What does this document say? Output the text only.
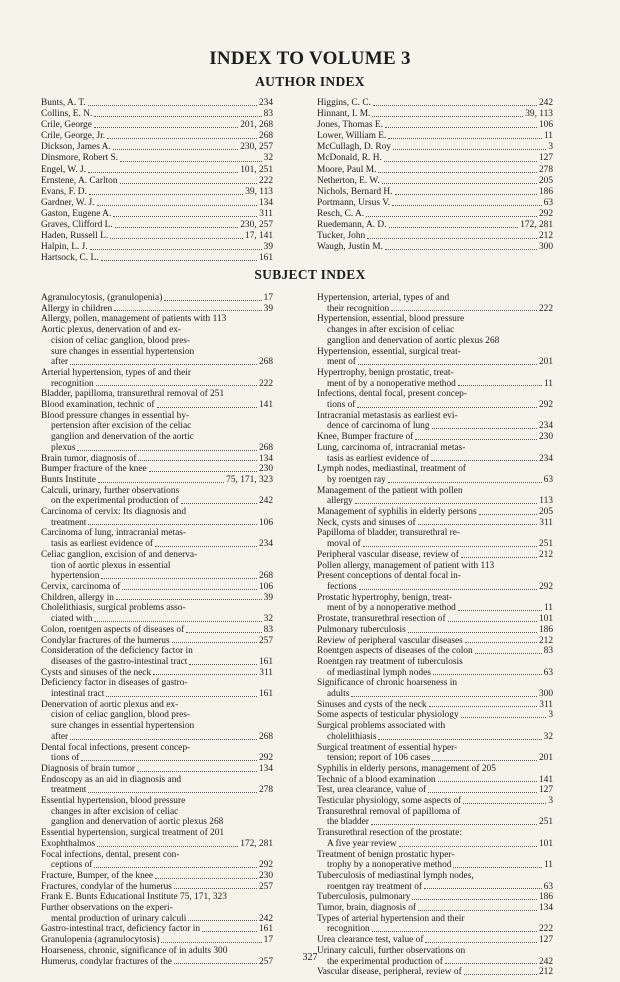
INDEX TO VOLUME 3
AUTHOR INDEX
Bunts, A. T.	234
Collins, E. N.	83
Crile, George	201, 268
Crile, George, Jr.	268
Dickson, James A.	230, 257
Dinsmore, Robert S.	32
Engel, W. J.	101, 251
Ernstene, A. Carlton	222
Evans, F. D.	39, 113
Gardner, W. J.	134
Gaston, Eugene A.	311
Graves, Clifford L.	230, 257
Haden, Russell L.	17, 141
Halpin, L. J.	39
Hartsock, C. L.	161
Higgins, C. C.	242
Hinnant, I. M.	39, 113
Jones, Thomas E.	106
Lower, William E.	11
McCullagh, D. Roy	3
McDonald, R. H.	127
Moore, Paul M.	278
Netherton, E. W.	205
Nichols, Bernard H.	186
Portmann, Ursus V.	63
Resch, C. A.	292
Ruedemann, A. D.	172, 281
Tucker, John	212
Waugh, Justin M.	300
SUBJECT INDEX
Agranulocytosis, (granulopenia)	17
Allergy in children	39
Allergy, pollen, management of patients with 113
Aortic plexus, denervation of and ex-
cision of celiac ganglion, blood pres-
sure changes in essential hypertension
after	268
Arterial hypertension, types of and their
recognition	222
Bladder, papilloma, transurethral removal of 251
Blood examination, technic of	141
Blood pressure changes in essential hy-
pertension after excision of the celiac
ganglion and denervation of the aortic
plexus	268
Brain tumor, diagnosis of	134
Bumper fracture of the knee	230
Bunts Institute	75, 171, 323
Calculi, urinary, further observations
on the experimental production of	242
Carcinoma of cervix: Its diagnosis and
treatment	106
Carcinoma of lung, intracranial metas-
tasis as earliest evidence of	234
Celiac ganglion, excision of and denerva-
tion of aortic plexus in essential
hypertension	268
Cervix, carcinoma of	106
Children, allergy in	39
Cholelithiasis, surgical problems asso-
ciated with	32
Colon, roentgen aspects of diseases of	83
Condylar fractures of the humerus	257
Consideration of the deficiency factor in
diseases of the gastro-intestinal tract	161
Cysts and sinuses of the neck	311
Deficiency factor in diseases of gastro-
intestinal tract	161
Denervation of aortic plexus and ex-
cision of celiac ganglion, blood pres-
sure changes in essential hypertension
after	268
Dental focal infections, present concep-
tions of	292
Diagnosis of brain tumor	134
Endoscopy as an aid in diagnosis and
treatment	278
Essential hypertension, blood pressure
changes in after excision of celiac
ganglion and denervation of aortic plexus 268
Essential hypertension, surgical treatment of 201
Exophthalmos	172, 281
Focal infections, dental, present con-
ceptions of	292
Fracture, Bumper, of the knee	230
Fractures, condylar of the humerus	257
Frank E. Bunts Educational Institute 75, 171, 323
Further observations on the experi-
mental production of urinary calculi	242
Gastro-intestinal tract, deficiency factor in	161
Granulopenia (agranulocytosis)	17
Hoarseness, chronic, significance of in adults 300
Humerus, condylar fractures of the	257
Hypertension, arterial, types of and
their recognition	222
Hypertension, essential, blood pressure
changes in after excision of celiac
ganglion and denervation of aortic plexus 268
Hypertension, essential, surgical treat-
ment of	201
Hypertrophy, benign prostatic, treat-
ment of by a nonoperative method	11
Infections, dental focal, present concep-
tions of	292
Intracranial metastasis as earliest evi-
dence of carcinoma of lung	234
Knee, Bumper fracture of	230
Lung, carcinoma of, intracranial metas-
tasis as earliest evidence of	234
Lymph nodes, mediastinal, treatment of
by roentgen ray	63
Management of the patient with pollen
allergy	113
Management of syphilis in elderly persons	205
Neck, cysts and sinuses of	311
Papilloma of bladder, transurethral re-
moval of	251
Peripheral vascular disease, review of	212
Pollen allergy, management of patient with 113
Present conceptions of dental focal in-
fections	292
Prostatic hypertrophy, benign, treat-
ment of by a nonoperative method	11
Prostate, transurethral resection of	101
Pulmonary tuberculosis	186
Review of peripheral vascular diseases	212
Roentgen aspects of diseases of the colon	83
Roentgen ray treatment of tuberculosis
of mediastinal lymph nodes	63
Significance of chronic hoarseness in
adults	300
Sinuses and cysts of the neck	311
Some aspects of testicular physiology	3
Surgical problems associated with
cholelithiasis	32
Surgical treatment of essential hyper-
tension; report of 106 cases	201
Syphilis in elderly persons, management of 205
Technic of a blood examination	141
Test, urea clearance, value of	127
Testicular physiology, some aspects of	3
Transurethral removal of papilloma of
the bladder	251
Transurethral resection of the prostate:
A five year review	101
Treatment of benign prostatic hyper-
trophy by a nonoperative method	11
Tuberculosis of mediastinal lymph nodes,
roentgen ray treatment of	63
Tuberculosis, pulmonary	186
Tumor, brain, diagnosis of	134
Types of arterial hypertension and their
recognition	222
Urea clearance test, value of	127
Urinary calculi, further observations on
the experimental production of	242
Vascular disease, peripheral, review of	212
327
